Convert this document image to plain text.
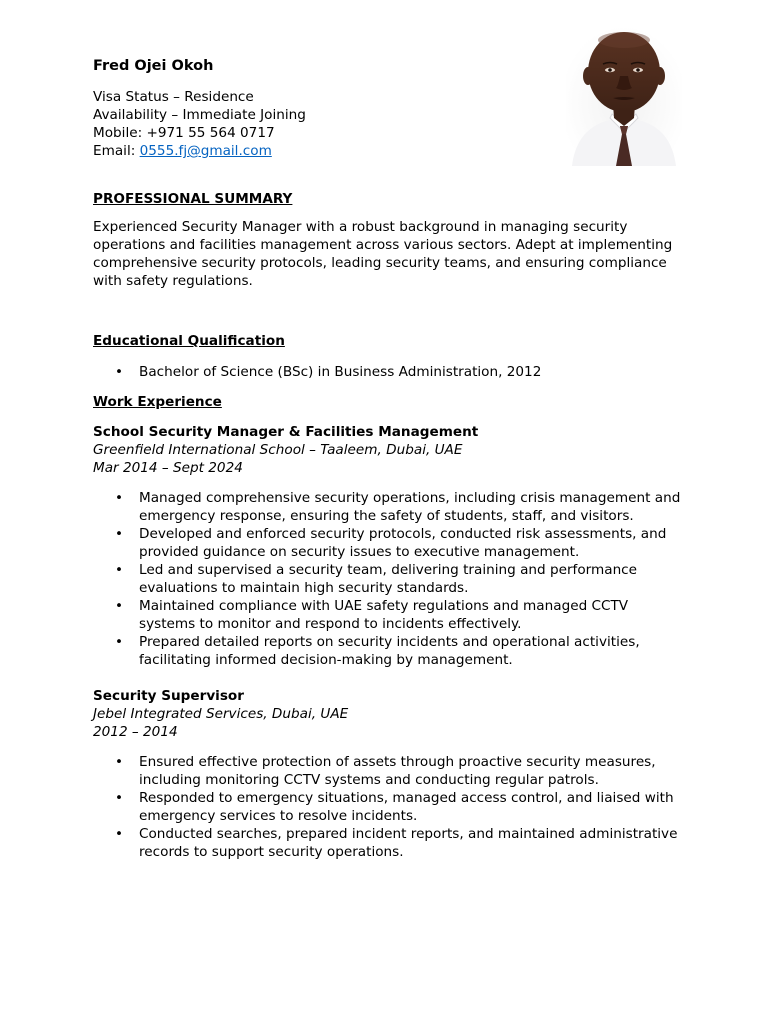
Fred Ojei Okoh
Visa Status – Residence
Availability – Immediate Joining
Mobile: +971 55 564 0717
Email: 0555.fj@gmail.com
PROFESSIONAL SUMMARY

Experienced Security Manager with a robust background in managing security operations and facilities management across various sectors. Adept at implementing comprehensive security protocols, leading security teams, and ensuring compliance with safety regulations.

Educational Qualification
• Bachelor of Science (BSc) in Business Administration, 2012
Work Experience
School Security Manager & Facilities Management
Greenfield International School – Taaleem, Dubai, UAE
Mar 2014 – Sept 2024
• Managed comprehensive security operations, including crisis management and emergency response, ensuring the safety of students, staff, and visitors.
• Developed and enforced security protocols, conducted risk assessments, and provided guidance on security issues to executive management.
• Led and supervised a security team, delivering training and performance evaluations to maintain high security standards.
• Maintained compliance with UAE safety regulations and managed CCTV systems to monitor and respond to incidents effectively.
• Prepared detailed reports on security incidents and operational activities, facilitating informed decision-making by management.
Security Supervisor
Jebel Integrated Services, Dubai, UAE
2012 – 2014
• Ensured effective protection of assets through proactive security measures, including monitoring CCTV systems and conducting regular patrols.
• Responded to emergency situations, managed access control, and liaised with emergency services to resolve incidents.
• Conducted searches, prepared incident reports, and maintained administrative records to support security operations.
